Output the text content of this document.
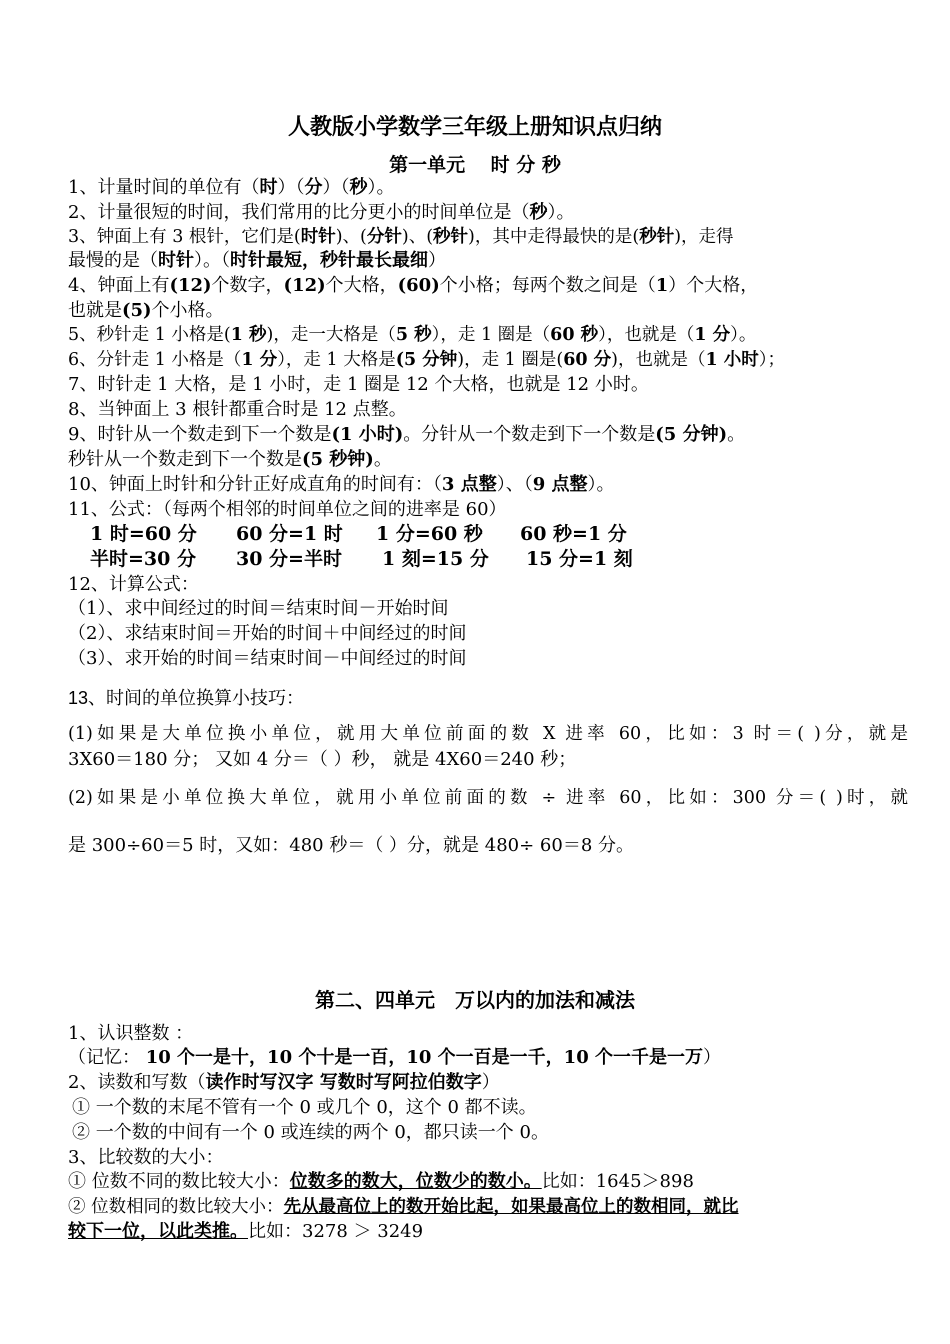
人教版小学数学三年级上册知识点归纳
第一单元　 时 分 秒
1、计量时间的单位有（时）（分）（秒）。
2、计量很短的时间，我们常用的比分更小的时间单位是（秒）。
3、钟面上有 3 根针，它们是(时针)、(分针)、(秒针)，其中走得最快的是(秒针)，走得
最慢的是（时针）。（时针最短，秒针最长最细）
4、钟面上有(12)个数字，(12)个大格，(60)个小格；每两个数之间是（1）个大格，
也就是(5)个小格。
5、秒针走 1 小格是(1 秒)，走一大格是（5 秒），走 1 圈是（60 秒），也就是（1 分）。
6、分针走 1 小格是（1 分），走 1 大格是(5 分钟)，走 1 圈是(60 分)，也就是（1 小时）；
7、时针走 1 大格，是 1 小时，走 1 圈是 12 个大格，也就是 12 小时。
8、当钟面上 3 根针都重合时是 12 点整。
9、时针从一个数走到下一个数是(1 小时)。分针从一个数走到下一个数是(5 分钟)。
秒针从一个数走到下一个数是(5 秒钟)。
10、钟面上时针和分针正好成直角的时间有：（3 点整）、（9 点整）。
11、公式：（每两个相邻的时间单位之间的进率是 60）
1 时=60 分 60 分=1 时 1 分=60 秒 60 秒=1 分
半时=30 分 30 分=半时 1 刻=15 分 15 分=1 刻
12、计算公式：
（1）、求中间经过的时间＝结束时间－开始时间
（2）、求结束时间＝开始的时间＋中间经过的时间
（3）、求开始的时间＝结束时间－中间经过的时间
13、时间的单位换算小技巧：
(1)如果是大单位换小单位，就用大单位前面的数 X 进率 60，比如：3 时＝( )分，就是
3X60＝180 分； 又如 4 分＝（ ）秒， 就是 4X60＝240 秒；
(2)如果是小单位换大单位，就用小单位前面的数 ÷ 进率 60，比如：300 分＝( )时，就
是 300÷60＝5 时，又如：480 秒＝（ ）分，就是 480÷ 60＝8 分。
第二、四单元　万以内的加法和减法
1、认识整数 ：
（记忆： 10 个一是十，10 个十是一百，10 个一百是一千，10 个一千是一万）
2、读数和写数（读作时写汉字 写数时写阿拉伯数字）
① 一个数的末尾不管有一个 0 或几个 0，这个 0 都不读。
② 一个数的中间有一个 0 或连续的两个 0，都只读一个 0。
3、比较数的大小：
① 位数不同的数比较大小：位数多的数大，位数少的数小。比如：1645＞898
② 位数相同的数比较大小：先从最高位上的数开始比起，如果最高位上的数相同，就比
较下一位，以此类推。比如：3278 ＞ 3249
